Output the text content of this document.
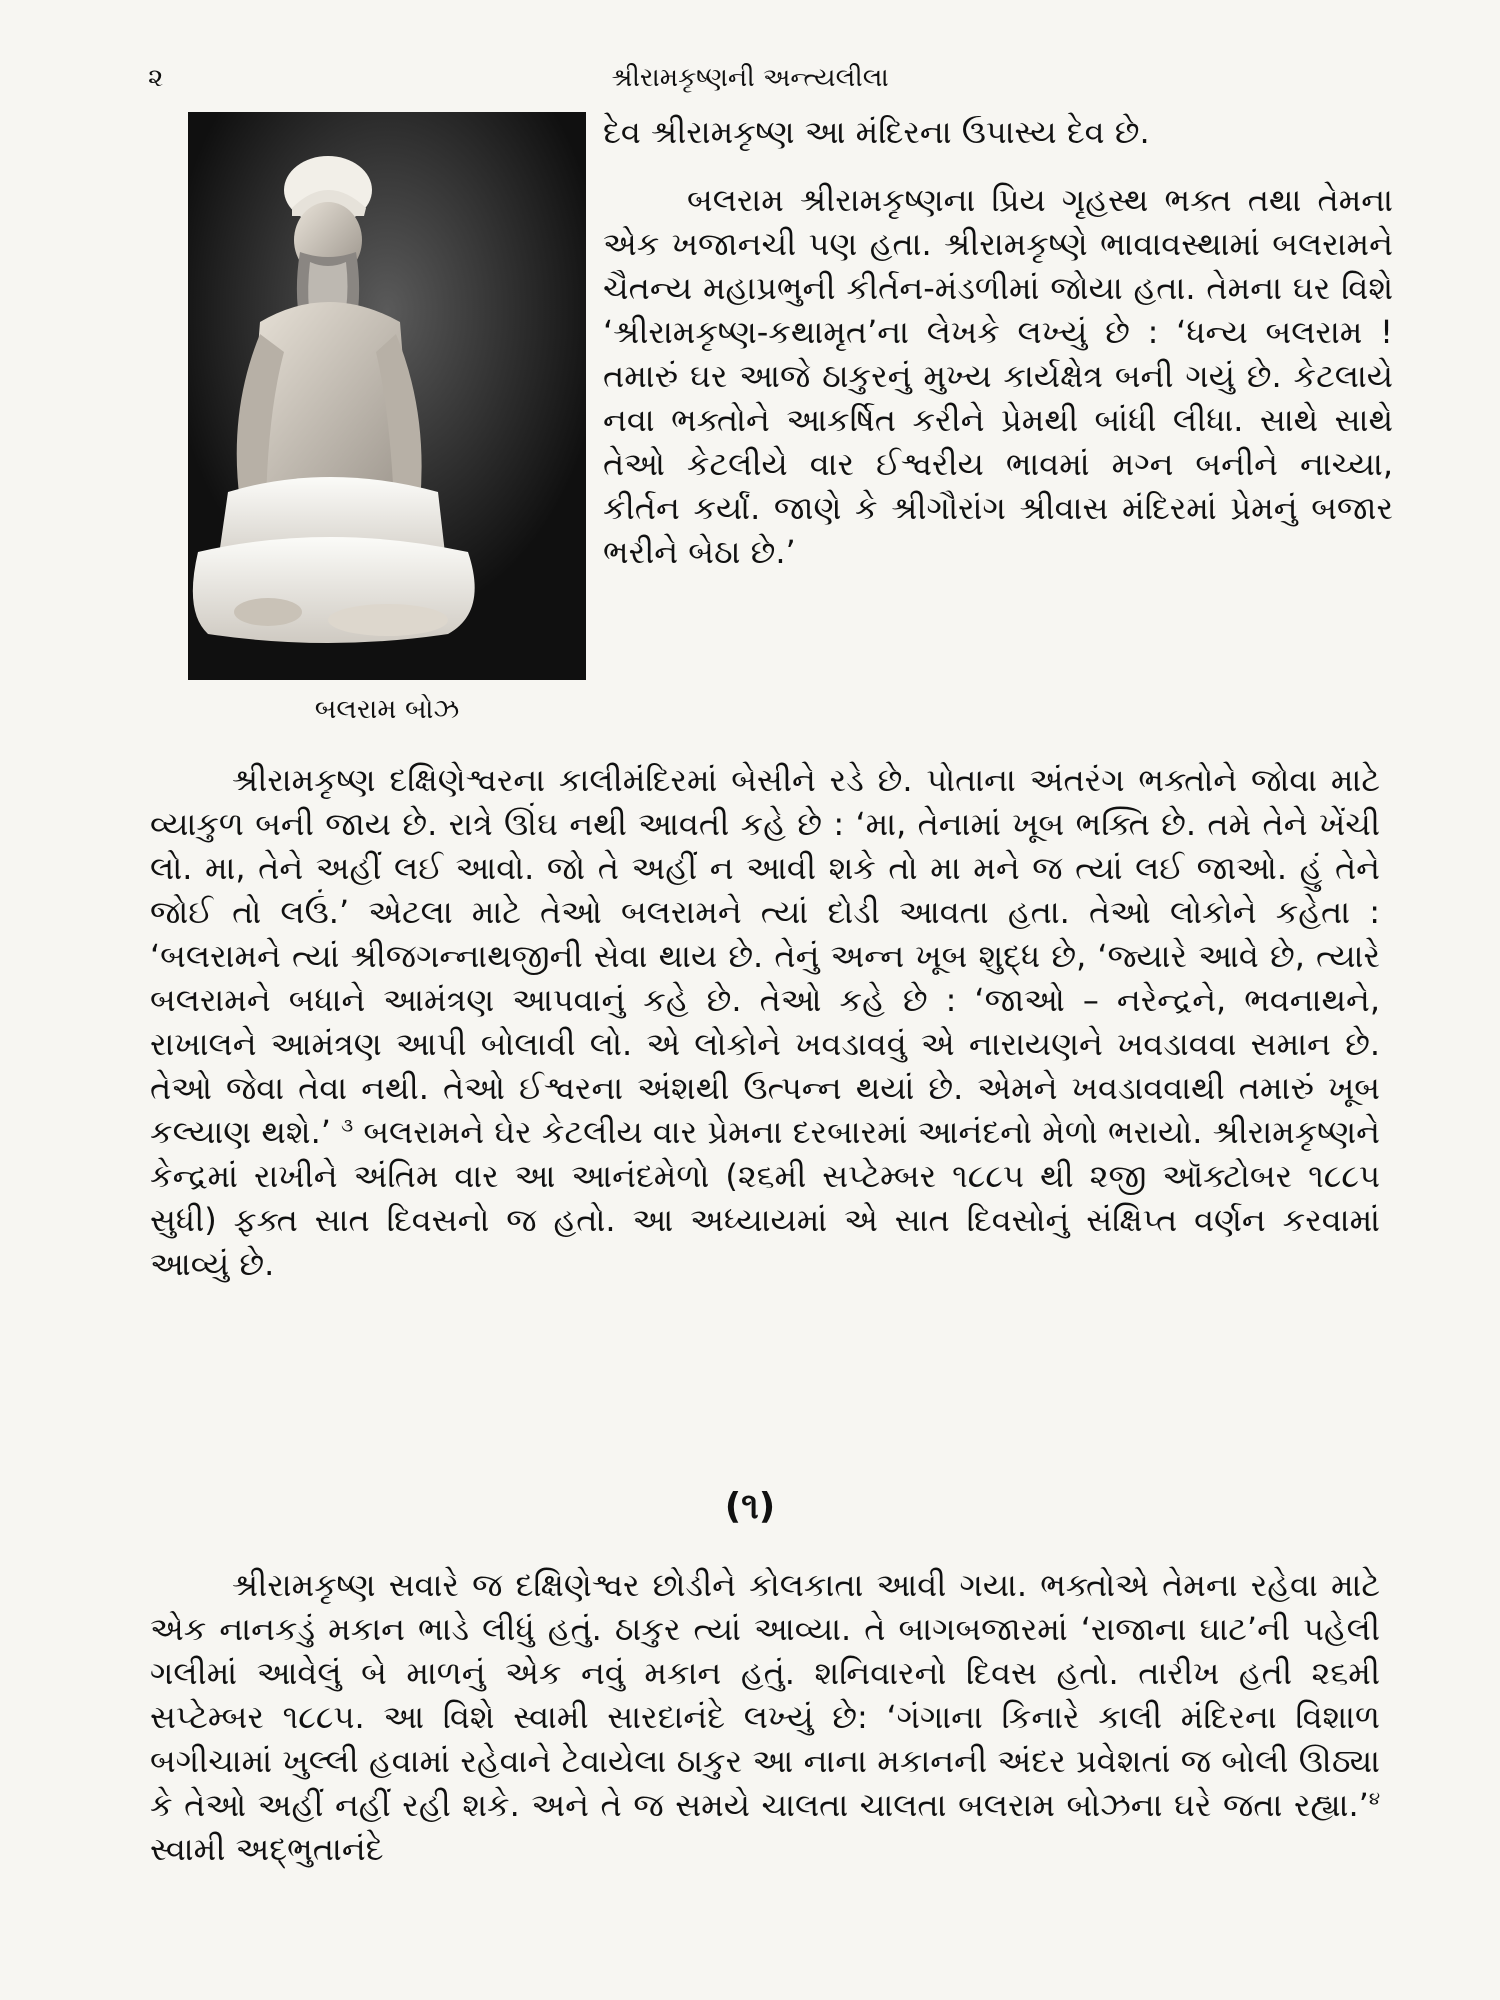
૨	શ્રીરામકૃષ્ણની અન્ત્યલીલા
બલરામ બોઝ

દેવ શ્રીરામકૃષ્ણ આ મંદિરના ઉપાસ્ય દેવ છે.

બલરામ શ્રીરામકૃષ્ણના પ્રિય ગૃહસ્થ ભક્ત તથા તેમના એક ખજાનચી પણ હતા. શ્રીરામકૃષ્ણે ભાવાવસ્થામાં બલરામને ચૈતન્ય મહાપ્રભુની કીર્તન-મંડળીમાં જોયા હતા. તેમના ઘર વિશે ‘શ્રીરામકૃષ્ણ-કથામૃત’ના લેખકે લખ્યું છે : ‘ધન્ય બલરામ ! તમારું ઘર આજે ઠાકુરનું મુખ્ય કાર્યક્ષેત્ર બની ગયું છે. કેટલાયે નવા ભક્તોને આકર્ષિત કરીને પ્રેમથી બાંધી લીધા. સાથે સાથે તેઓ કેટલીયે વાર ઈશ્વરીય ભાવમાં મગ્ન બનીને નાચ્યા, કીર્તન કર્યાં. જાણે કે શ્રીગૌરાંગ શ્રીવાસ મંદિરમાં પ્રેમનું બજાર ભરીને બેઠા છે.’

શ્રીરામકૃષ્ણ દક્ષિણેશ્વરના કાલીમંદિરમાં બેસીને રડે છે. પોતાના અંતરંગ ભક્તોને જોવા માટે વ્યાકુળ બની જાય છે. રાત્રે ઊંઘ નથી આવતી કહે છે : ‘મા, તેનામાં ખૂબ ભક્તિ છે. તમે તેને ખેંચી લો. મા, તેને અહીં લઈ આવો. જો તે અહીં ન આવી શકે તો મા મને જ ત્યાં લઈ જાઓ. હું તેને જોઈ તો લઉં.’ એટલા માટે તેઓ બલરામને ત્યાં દોડી આવતા હતા. તેઓ લોકોને કહેતા : ‘બલરામને ત્યાં શ્રીજગન્નાથજીની સેવા થાય છે. તેનું અન્ન ખૂબ શુદ્ધ છે, ‘જ્યારે આવે છે, ત્યારે બલરામને બધાને આમંત્રણ આપવાનું કહે છે. તેઓ કહે છે : ‘જાઓ – નરેન્દ્રને, ભવનાથને, રાખાલને આમંત્રણ આપી બોલાવી લો. એ લોકોને ખવડાવવું એ નારાયણને ખવડાવવા સમાન છે. તેઓ જેવા તેવા નથી. તેઓ ઈશ્વરના અંશથી ઉત્પન્ન થયાં છે. એમને ખવડાવવાથી તમારું ખૂબ કલ્યાણ થશે.’ $^૩$ બલરામને ઘેર કેટલીય વાર પ્રેમના દરબારમાં આનંદનો મેળો ભરાયો. શ્રીરામકૃષ્ણને કેન્દ્રમાં રાખીને અંતિમ વાર આ આનંદમેળો (૨૬મી સપ્ટેમ્બર ૧૮૮૫ થી ૨જી ઑક્ટોબર ૧૮૮૫ સુધી) ફક્ત સાત દિવસનો જ હતો. આ અધ્યાયમાં એ સાત દિવસોનું સંક્ષિપ્ત વર્ણન કરવામાં આવ્યું છે.

(૧)

શ્રીરામકૃષ્ણ સવારે જ દક્ષિણેશ્વર છોડીને કોલકાતા આવી ગયા. ભક્તોએ તેમના રહેવા માટે એક નાનકડું મકાન ભાડે લીધું હતું. ઠાકુર ત્યાં આવ્યા. તે બાગબજારમાં ‘રાજાના ઘાટ’ની પહેલી ગલીમાં આવેલું બે માળનું એક નવું મકાન હતું. શનિવારનો દિવસ હતો. તારીખ હતી ૨૬મી સપ્ટેમ્બર ૧૮૮૫. આ વિશે સ્વામી સારદાનંદે લખ્યું છે: ‘ગંગાના કિનારે કાલી મંદિરના વિશાળ બગીચામાં ખુલ્લી હવામાં રહેવાને ટેવાયેલા ઠાકુર આ નાના મકાનની અંદર પ્રવેશતાં જ બોલી ઊઠ્યા કે તેઓ અહીં નહીં રહી શકે. અને તે જ સમયે ચાલતા ચાલતા બલરામ બોઝના ઘરે જતા રહ્યા.’$^૪$ સ્વામી અદ્ભુતાનંદે
